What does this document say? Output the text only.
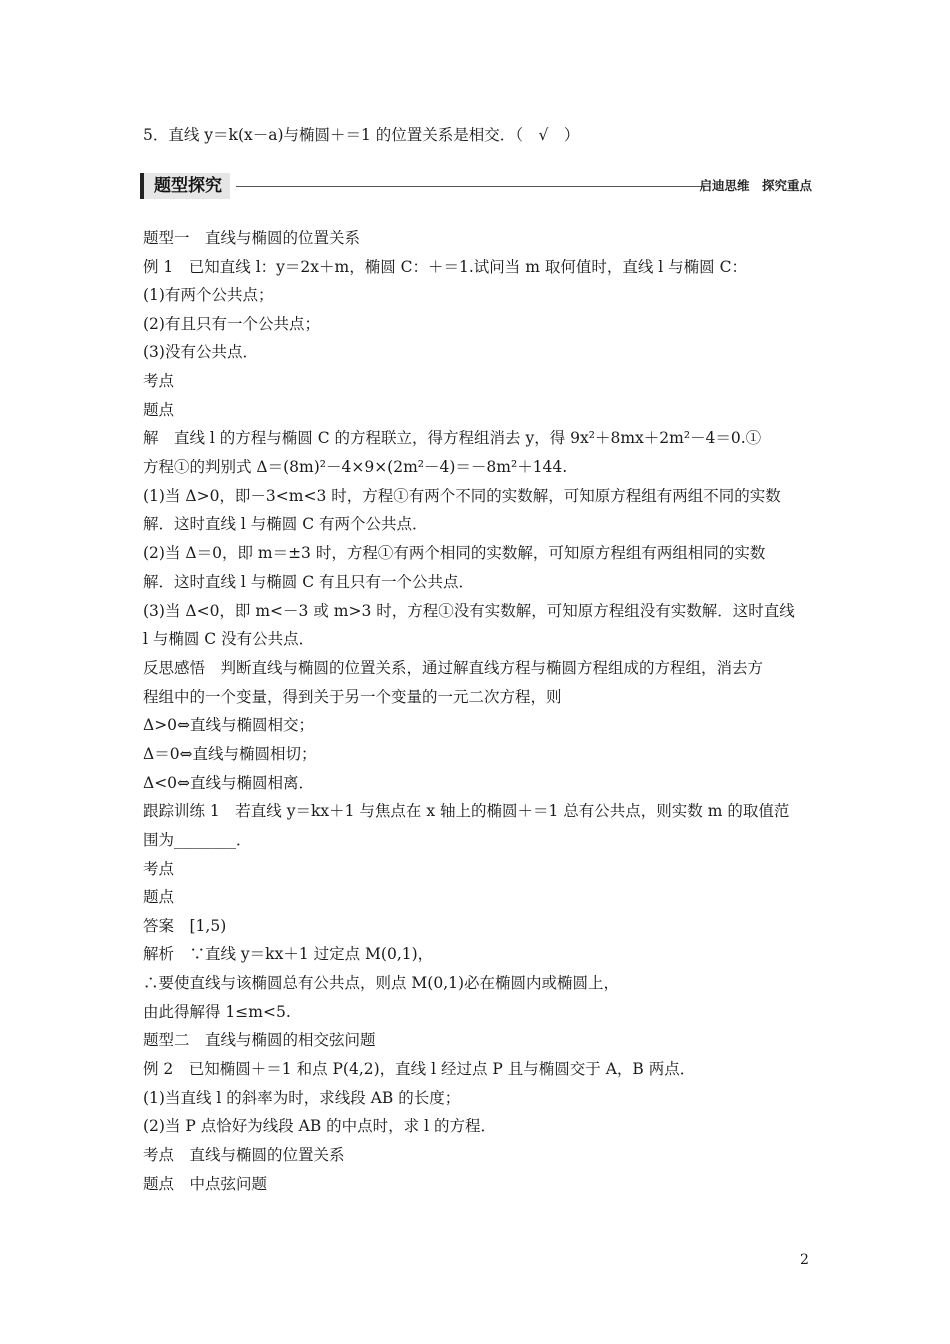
5．直线 y＝k(x－a)与椭圆＋＝1 的位置关系是相交．（　√　）
题型探究	启迪思维　探究重点
题型一　直线与椭圆的位置关系
例 1　已知直线 l：y＝2x＋m，椭圆 C：＋＝1.试问当 m 取何值时，直线 l 与椭圆 C：
(1)有两个公共点；
(2)有且只有一个公共点；
(3)没有公共点．
考点
题点
解　直线 l 的方程与椭圆 C 的方程联立，得方程组消去 y，得 9x²＋8mx＋2m²－4＝0.①
方程①的判别式 Δ＝(8m)²－4×9×(2m²－4)＝－8m²＋144.
(1)当 Δ>0，即－3<m<3 时，方程①有两个不同的实数解，可知原方程组有两组不同的实数
解．这时直线 l 与椭圆 C 有两个公共点．
(2)当 Δ＝0，即 m＝±3 时，方程①有两个相同的实数解，可知原方程组有两组相同的实数
解．这时直线 l 与椭圆 C 有且只有一个公共点．
(3)当 Δ<0，即 m<－3 或 m>3 时，方程①没有实数解，可知原方程组没有实数解．这时直线
l 与椭圆 C 没有公共点．
反思感悟　判断直线与椭圆的位置关系，通过解直线方程与椭圆方程组成的方程组，消去方
程组中的一个变量，得到关于另一个变量的一元二次方程，则
Δ>0⇔直线与椭圆相交；
Δ＝0⇔直线与椭圆相切；
Δ<0⇔直线与椭圆相离．
跟踪训练 1　若直线 y＝kx＋1 与焦点在 x 轴上的椭圆＋＝1 总有公共点，则实数 m 的取值范
围为________．
考点
题点
答案　[1,5)
解析　∵直线 y＝kx＋1 过定点 M(0,1)，
∴要使直线与该椭圆总有公共点，则点 M(0,1)必在椭圆内或椭圆上，
由此得解得 1≤m<5.
题型二　直线与椭圆的相交弦问题
例 2　已知椭圆＋＝1 和点 P(4,2)，直线 l 经过点 P 且与椭圆交于 A，B 两点．
(1)当直线 l 的斜率为时，求线段 AB 的长度；
(2)当 P 点恰好为线段 AB 的中点时，求 l 的方程．
考点　直线与椭圆的位置关系
题点　中点弦问题
2
